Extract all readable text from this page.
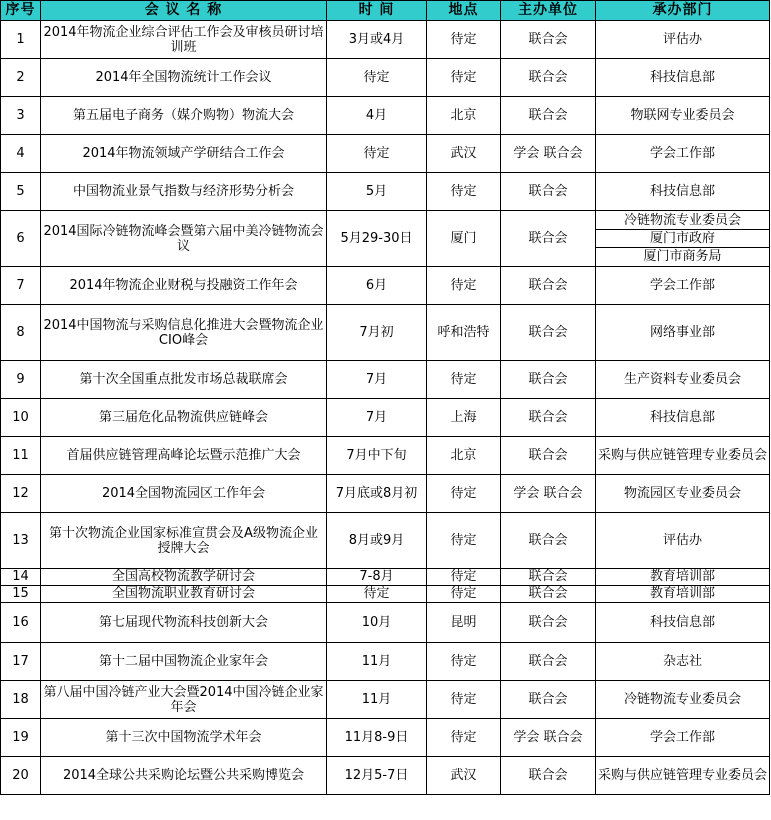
序号	会 议 名 称	时 间	地点	主办单位	承办部门
1	2014年物流企业综合评估工作会及审核员研讨培训班	3月或4月	待定	联合会	评估办
2	2014年全国物流统计工作会议	待定	待定	联合会	科技信息部
3	第五届电子商务（媒介购物）物流大会	4月	北京	联合会	物联网专业委员会
4	2014年物流领域产学研结合工作会	待定	武汉	学会 联合会	学会工作部
5	中国物流业景气指数与经济形势分析会	5月	待定	联合会	科技信息部
6	2014国际冷链物流峰会暨第六届中美冷链物流会议	5月29-30日	厦门	联合会	冷链物流专业委员会
厦门市政府
厦门市商务局

7	2014年物流企业财税与投融资工作年会	6月	待定	联合会	学会工作部
8	2014中国物流与采购信息化推进大会暨物流企业CIO峰会	7月初	呼和浩特	联合会	网络事业部
9	第十次全国重点批发市场总裁联席会	7月	待定	联合会	生产资料专业委员会
10	第三届危化品物流供应链峰会	7月	上海	联合会	科技信息部
11	首届供应链管理高峰论坛暨示范推广大会	7月中下旬	北京	联合会	采购与供应链管理专业委员会
12	2014全国物流园区工作年会	7月底或8月初	待定	学会 联合会	物流园区专业委员会
13	第十次物流企业国家标准宣贯会及A级物流企业授牌大会	8月或9月	待定	联合会	评估办
14	全国高校物流教学研讨会	7-8月	待定	联合会	教育培训部
15	全国物流职业教育研讨会	待定	待定	联合会	教育培训部
16	第七届现代物流科技创新大会	10月	昆明	联合会	科技信息部
17	第十二届中国物流企业家年会	11月	待定	联合会	杂志社
18	第八届中国冷链产业大会暨2014中国冷链企业家年会	11月	待定	联合会	冷链物流专业委员会
19	第十三次中国物流学术年会	11月8-9日	待定	学会 联合会	学会工作部
20	2014全球公共采购论坛暨公共采购博览会	12月5-7日	武汉	联合会	采购与供应链管理专业委员会
